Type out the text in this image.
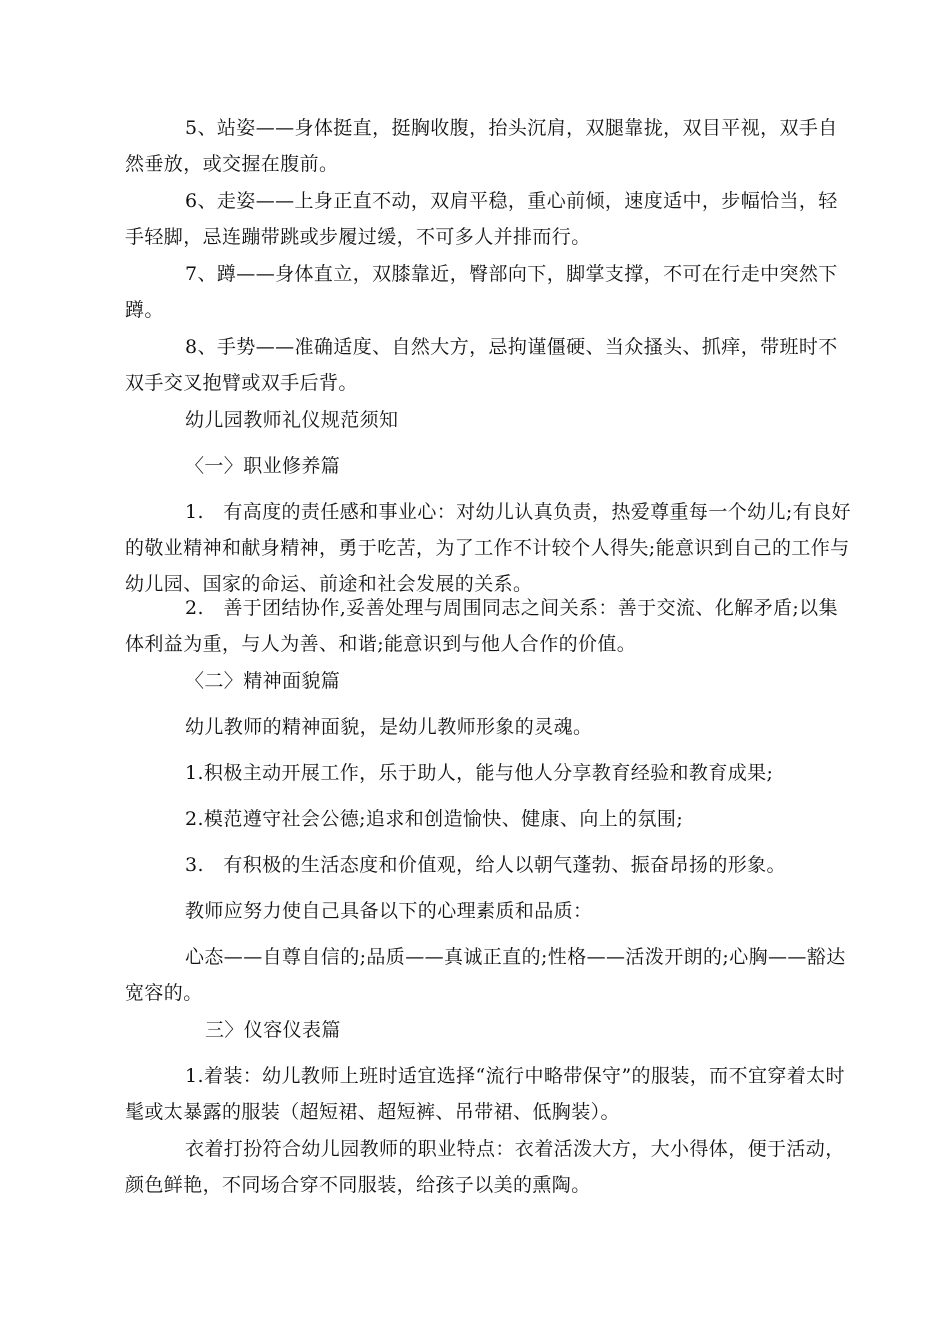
5、站姿——身体挺直，挺胸收腹，抬头沉肩，双腿靠拢，双目平视，双手自然垂放，或交握在腹前。

6、走姿——上身正直不动，双肩平稳，重心前倾，速度适中，步幅恰当，轻手轻脚，忌连蹦带跳或步履过缓，不可多人并排而行。

7、蹲——身体直立，双膝靠近，臀部向下，脚掌支撑，不可在行走中突然下蹲。

8、手势——准确适度、自然大方，忌拘谨僵硬、当众搔头、抓痒，带班时不双手交叉抱臂或双手后背。

幼儿园教师礼仪规范须知

〈一〉职业修养篇

1.　有高度的责任感和事业心：对幼儿认真负责，热爱尊重每一个幼儿;有良好的敬业精神和献身精神，勇于吃苦，为了工作不计较个人得失;能意识到自己的工作与幼儿园、国家的命运、前途和社会发展的关系。

2.　善于团结协作,妥善处理与周围同志之间关系：善于交流、化解矛盾;以集体利益为重，与人为善、和谐;能意识到与他人合作的价值。

〈二〉精神面貌篇

幼儿教师的精神面貌，是幼儿教师形象的灵魂。

1.积极主动开展工作，乐于助人，能与他人分享教育经验和教育成果;

2.模范遵守社会公德;追求和创造愉快、健康、向上的氛围;

3.　有积极的生活态度和价值观，给人以朝气蓬勃、振奋昂扬的形象。

教师应努力使自己具备以下的心理素质和品质：

心态——自尊自信的;品质——真诚正直的;性格——活泼开朗的;心胸——豁达宽容的。

三〉仪容仪表篇

1.着装：幼儿教师上班时适宜选择“流行中略带保守”的服装，而不宜穿着太时髦或太暴露的服装（超短裙、超短裤、吊带裙、低胸装）。

衣着打扮符合幼儿园教师的职业特点：衣着活泼大方，大小得体，便于活动，颜色鲜艳，不同场合穿不同服装，给孩子以美的熏陶。
